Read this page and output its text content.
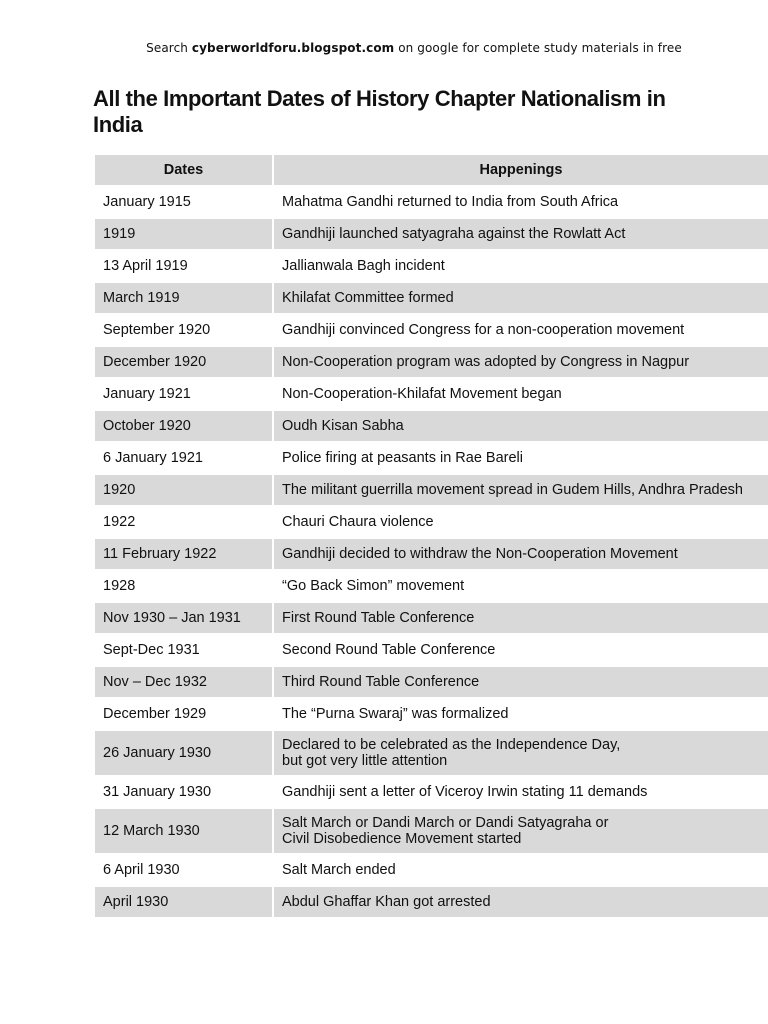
Search cyberworldforu.blogspot.com on google for complete study materials in free
All the Important Dates of History Chapter Nationalism in India
Dates	Happenings
January 1915	Mahatma Gandhi returned to India from South Africa
1919	Gandhiji launched satyagraha against the Rowlatt Act
13 April 1919	Jallianwala Bagh incident
March 1919	Khilafat Committee formed
September 1920	Gandhiji convinced Congress for a non-cooperation movement
December 1920	Non-Cooperation program was adopted by Congress in Nagpur
January 1921	Non-Cooperation-Khilafat Movement began
October 1920	Oudh Kisan Sabha
6 January 1921	Police firing at peasants in Rae Bareli
1920	The militant guerrilla movement spread in Gudem Hills, Andhra Pradesh
1922	Chauri Chaura violence
11 February 1922	Gandhiji decided to withdraw the Non-Cooperation Movement
1928	“Go Back Simon” movement
Nov 1930 – Jan 1931	First Round Table Conference
Sept-Dec 1931	Second Round Table Conference
Nov – Dec 1932	Third Round Table Conference
December 1929	The “Purna Swaraj” was formalized
26 January 1930	Declared to be celebrated as the Independence Day,
but got very little attention
31 January 1930	Gandhiji sent a letter of Viceroy Irwin stating 11 demands
12 March 1930	Salt March or Dandi March or Dandi Satyagraha or
Civil Disobedience Movement started
6 April 1930	Salt March ended
April 1930	Abdul Ghaffar Khan got arrested
